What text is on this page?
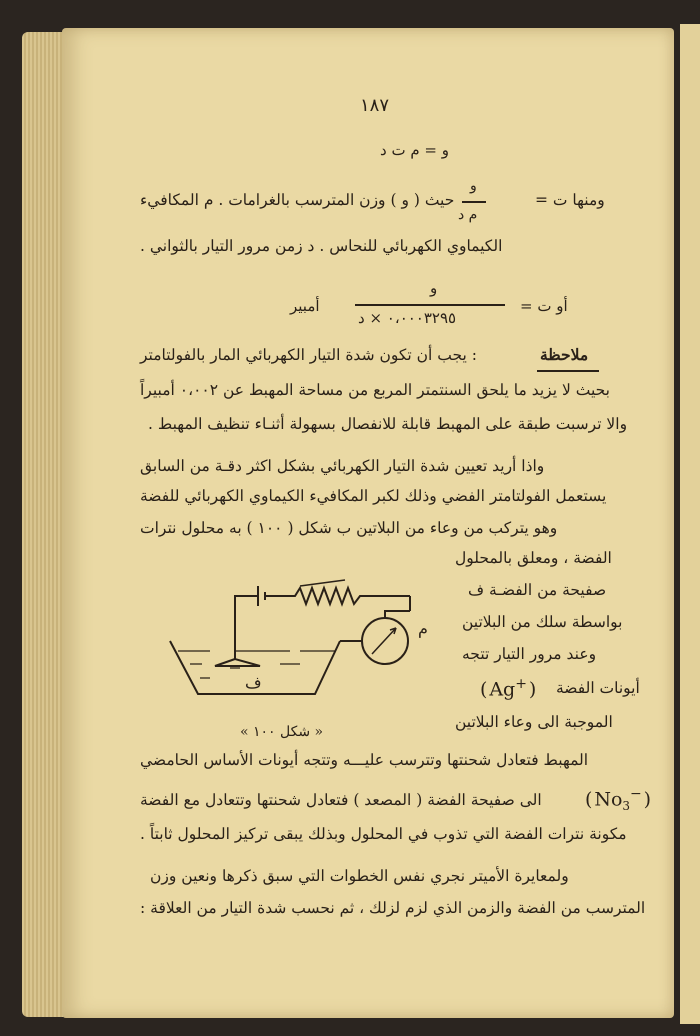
١٨٧
و = م ت د
ومنها ت =
و
م د
حيث ( و ) وزن المترسب بالغرامات . م المكافيء
الكيماوي الكهربائي للنحاس . د زمن مرور التيار بالثواني .
أو ت =
و
٠،٠٠٠٣٢٩٥ × د
أمبير
ملاحظة
: يجب أن تكون شدة التيار الكهربائي المار بالفولتامتر
بحيث لا يزيد ما يلحق السنتمتر المربع من مساحة المهبط عن ٠،٠٠٢ أمبيراً
والا ترسبت طبقة على المهبط قابلة للانفصال بسهولة أثنـاء تنظيف المهبط .
واذا أريد تعيين شدة التيار الكهربائي بشكل اكثر دقـة من السابق
يستعمل الفولتامتر الفضي وذلك لكبر المكافيء الكيماوي الكهربائي للفضة
وهو يتركب من وعاء من البلاتين ب شكل ( ١٠٠ ) به محلول نترات
الفضة ، ومعلق بالمحلول
صفيحة من الفضـة ف
بواسطة سلك من البلاتين
وعند مرور التيار تتجه
أيونات الفضة
( Ag+ )
الموجبة الى وعاء البلاتين
ف
م
« شكل ١٠٠ »
المهبط فتعادل شحنتها وتترسب عليـــه وتتجه أيونات الأساس الحامضي
( $No_3^-$ )
الى صفيحة الفضة ( المصعد ) فتعادل شحنتها وتتعادل مع الفضة
مكونة نترات الفضة التي تذوب في المحلول وبذلك يبقى تركيز المحلول ثابتاً .
ولمعايرة الأميتر نجري نفس الخطوات التي سبق ذكرها ونعين وزن
المترسب من الفضة والزمن الذي لزم لزلك ، ثم نحسب شدة التيار من العلاقة :
